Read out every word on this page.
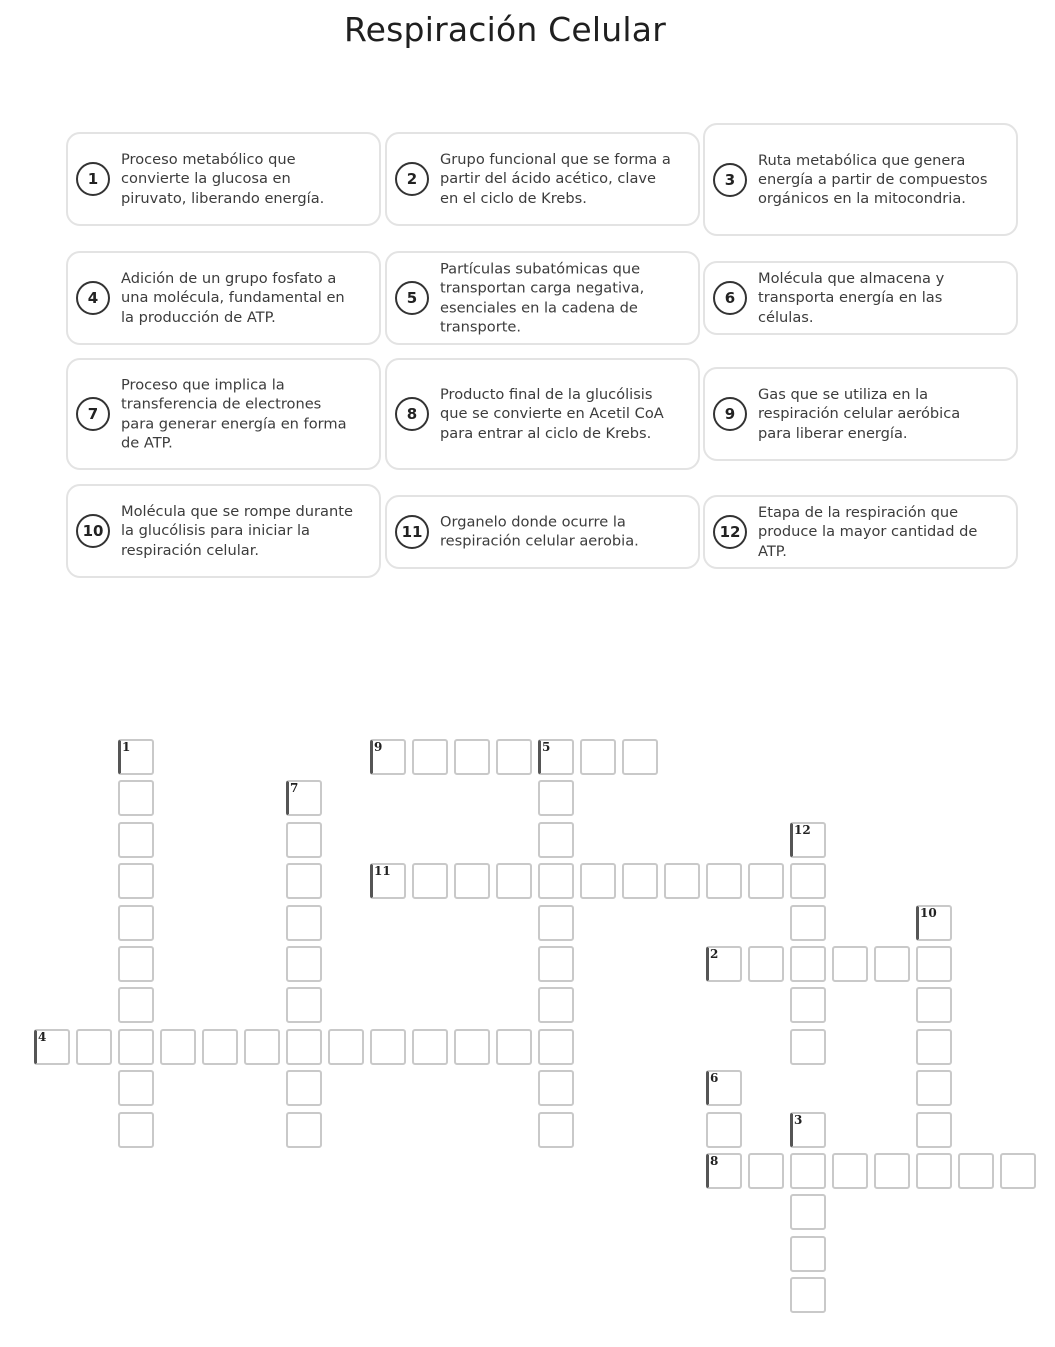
Respiración Celular
1
Proceso metabólico que convierte la glucosa en piruvato, liberando energía.
2
Grupo funcional que se forma a partir del ácido acético, clave en el ciclo de Krebs.
3
Ruta metabólica que genera energía a partir de compuestos orgánicos en la mitocondria.
4
Adición de un grupo fosfato a una molécula, fundamental en la producción de ATP.
5
Partículas subatómicas que transportan carga negativa, esenciales en la cadena de transporte.
6
Molécula que almacena y transporta energía en las células.
7
Proceso que implica la transferencia de electrones para generar energía en forma de ATP.
8
Producto final de la glucólisis que se convierte en Acetil CoA para entrar al ciclo de Krebs.
9
Gas que se utiliza en la respiración celular aeróbica para liberar energía.
10
Molécula que se rompe durante la glucólisis para iniciar la respiración celular.
11
Organelo donde ocurre la respiración celular aerobia.
12
Etapa de la respiración que produce la mayor cantidad de ATP.
1	9	5
7
12
11
10
2
4
6
8
3
